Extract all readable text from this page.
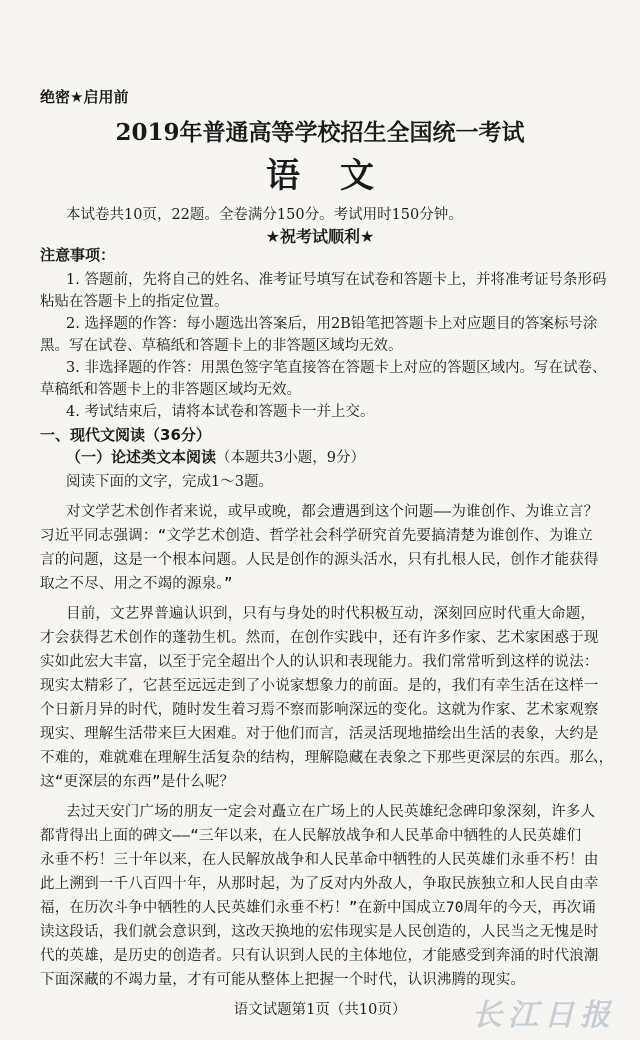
绝密★启用前
2019年普通高等学校招生全国统一考试
语文
本试卷共10页，22题。全卷满分150分。考试用时150分钟。
★祝考试顺利★
注意事项：
1. 答题前，先将自己的姓名、准考证号填写在试卷和答题卡上，并将准考证号条形码
粘贴在答题卡上的指定位置。
2. 选择题的作答：每小题选出答案后，用2B铅笔把答题卡上对应题目的答案标号涂
黑。写在试卷、草稿纸和答题卡上的非答题区域均无效。
3. 非选择题的作答：用黑色签字笔直接答在答题卡上对应的答题区域内。写在试卷、
草稿纸和答题卡上的非答题区域均无效。
4. 考试结束后，请将本试卷和答题卡一并上交。
一、现代文阅读（36分）
（一）论述类文本阅读（本题共3小题，9分）
阅读下面的文字，完成1～3题。
对文学艺术创作者来说，或早或晚，都会遭遇到这个问题——为谁创作、为谁立言？
习近平同志强调：“文学艺术创造、哲学社会科学研究首先要搞清楚为谁创作、为谁立
言的问题，这是一个根本问题。人民是创作的源头活水，只有扎根人民，创作才能获得
取之不尽、用之不竭的源泉。”
目前，文艺界普遍认识到，只有与身处的时代积极互动，深刻回应时代重大命题，
才会获得艺术创作的蓬勃生机。然而，在创作实践中，还有许多作家、艺术家困惑于现
实如此宏大丰富，以至于完全超出个人的认识和表现能力。我们常常听到这样的说法：
现实太精彩了，它甚至远远走到了小说家想象力的前面。是的，我们有幸生活在这样一
个日新月异的时代，随时发生着习焉不察而影响深远的变化。这就为作家、艺术家观察
现实、理解生活带来巨大困难。对于他们而言，活灵活现地描绘出生活的表象，大约是
不难的，难就难在理解生活复杂的结构，理解隐藏在表象之下那些更深层的东西。那么，
这“更深层的东西”是什么呢？
去过天安门广场的朋友一定会对矗立在广场上的人民英雄纪念碑印象深刻，许多人
都背得出上面的碑文——“三年以来，在人民解放战争和人民革命中牺牲的人民英雄们
永垂不朽！三十年以来，在人民解放战争和人民革命中牺牲的人民英雄们永垂不朽！由
此上溯到一千八百四十年，从那时起，为了反对内外敌人，争取民族独立和人民自由幸
福，在历次斗争中牺牲的人民英雄们永垂不朽！”在新中国成立70周年的今天，再次诵
读这段话，我们就会意识到，这改天换地的宏伟现实是人民创造的，人民当之无愧是时
代的英雄，是历史的创造者。只有认识到人民的主体地位，才能感受到奔涌的时代浪潮
下面深藏的不竭力量，才有可能从整体上把握一个时代，认识沸腾的现实。
语文试题第1页（共10页）	长江日报
